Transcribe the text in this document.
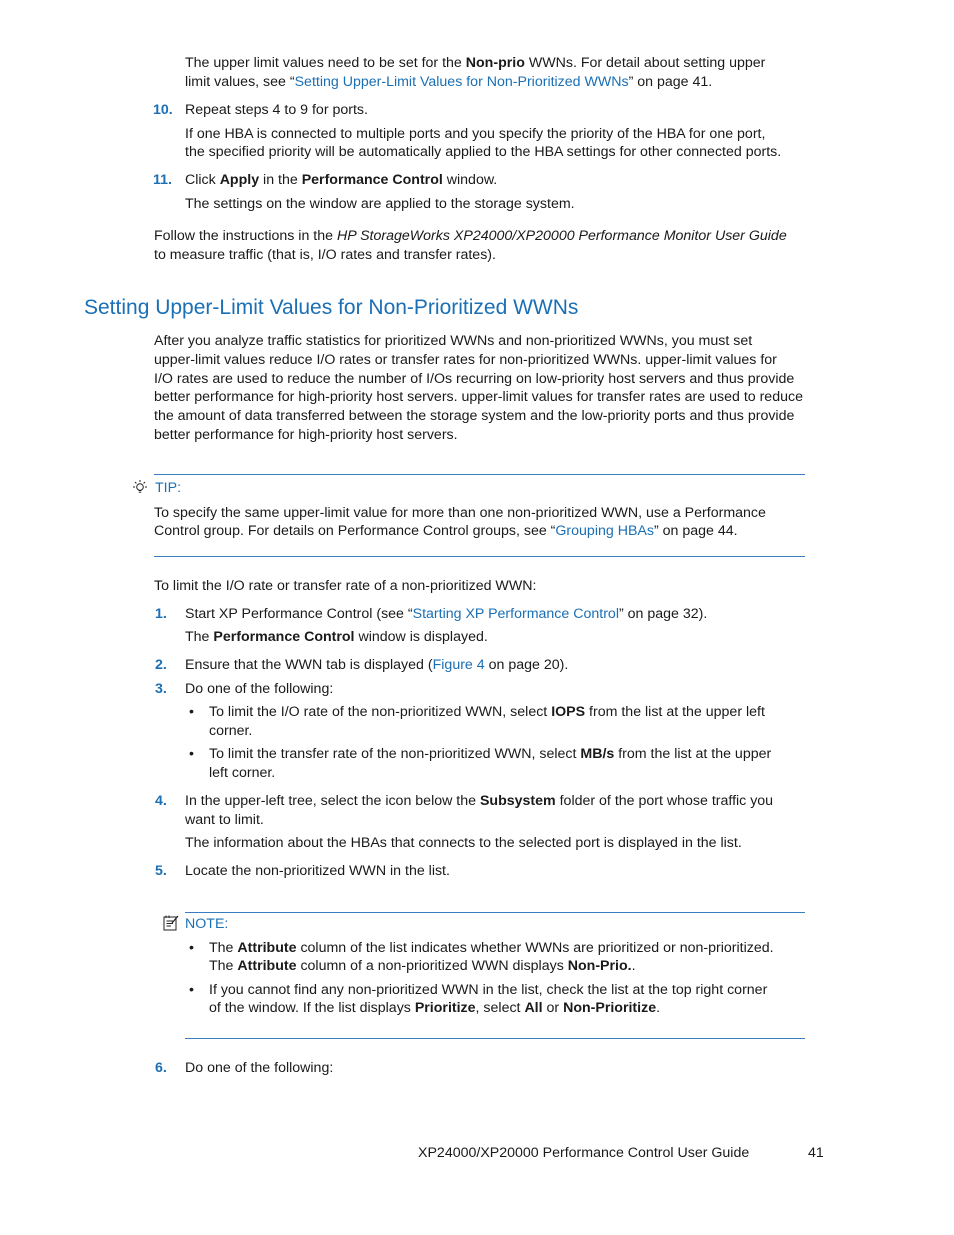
The upper limit values need to be set for the Non-prio WWNs. For detail about setting upper
limit values, see “Setting Upper-Limit Values for Non-Prioritized WWNs” on page 41.
10. Repeat steps 4 to 9 for ports.
If one HBA is connected to multiple ports and you specify the priority of the HBA for one port,
the specified priority will be automatically applied to the HBA settings for other connected ports.
11. Click Apply in the Performance Control window.
The settings on the window are applied to the storage system.
Follow the instructions in the HP StorageWorks XP24000/XP20000 Performance Monitor User Guide
to measure traffic (that is, I/O rates and transfer rates).
Setting Upper-Limit Values for Non-Prioritized WWNs
After you analyze traffic statistics for prioritized WWNs and non-prioritized WWNs, you must set
upper-limit values reduce I/O rates or transfer rates for non-prioritized WWNs. upper-limit values for
I/O rates are used to reduce the number of I/Os recurring on low-priority host servers and thus provide
better performance for high-priority host servers. upper-limit values for transfer rates are used to reduce
the amount of data transferred between the storage system and the low-priority ports and thus provide
better performance for high-priority host servers.
TIP:
To specify the same upper-limit value for more than one non-prioritized WWN, use a Performance
Control group. For details on Performance Control groups, see “Grouping HBAs” on page 44.
To limit the I/O rate or transfer rate of a non-prioritized WWN:
1. Start XP Performance Control (see “Starting XP Performance Control” on page 32).
The Performance Control window is displayed.
2. Ensure that the WWN tab is displayed (Figure 4 on page 20).
3. Do one of the following:
• To limit the I/O rate of the non-prioritized WWN, select IOPS from the list at the upper left
corner.
• To limit the transfer rate of the non-prioritized WWN, select MB/s from the list at the upper
left corner.
4. In the upper-left tree, select the icon below the Subsystem folder of the port whose traffic you
want to limit.
The information about the HBAs that connects to the selected port is displayed in the list.
5. Locate the non-prioritized WWN in the list.
NOTE:
• The Attribute column of the list indicates whether WWNs are prioritized or non-prioritized.
The Attribute column of a non-prioritized WWN displays Non-Prio..
• If you cannot find any non-prioritized WWN in the list, check the list at the top right corner
of the window. If the list displays Prioritize, select All or Non-Prioritize.
6. Do one of the following:
XP24000/XP20000 Performance Control User Guide	41
